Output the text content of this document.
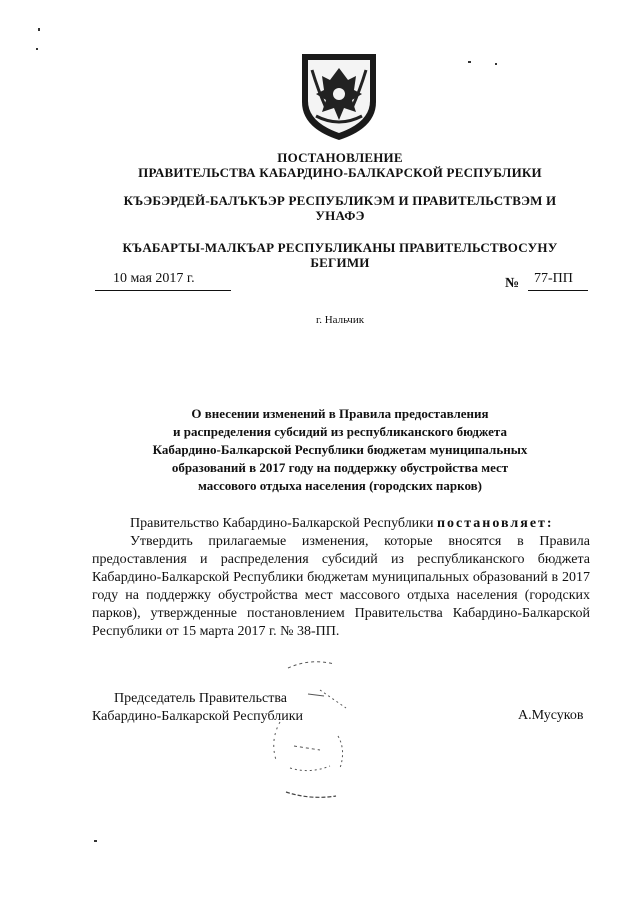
ПОСТАНОВЛЕНИЕ
ПРАВИТЕЛЬСТВА КАБАРДИНО-БАЛКАРСКОЙ РЕСПУБЛИКИ
КЪЭБЭРДЕЙ-БАЛЪКЪЭР РЕСПУБЛИКЭМ И ПРАВИТЕЛЬСТВЭМ И
УНАФЭ
КЪАБАРТЫ-МАЛКЪАР РЕСПУБЛИКАНЫ ПРАВИТЕЛЬСТВОСУНУ
БЕГИМИ
10 мая 2017 г.	№ 77-ПП
г. Нальчик
О внесении изменений в Правила предоставления
и распределения субсидий из республиканского бюджета
Кабардино-Балкарской Республики бюджетам муниципальных
образований в 2017 году на поддержку обустройства мест
массового отдыха населения (городских парков)

Правительство Кабардино-Балкарской Республики постановляет:

Утвердить прилагаемые изменения, которые вносятся в Правила предоставления и распределения субсидий из республиканского бюджета Кабардино-Балкарской Республики бюджетам муниципальных образований в 2017 году на поддержку обустройства мест массового отдыха населения (городских парков), утвержденные постановлением Правительства Кабардино-Балкарской Республики от 15 марта 2017 г. № 38-ПП.

Председатель Правительства
Кабардино-Балкарской Республики	А.Мусуков
